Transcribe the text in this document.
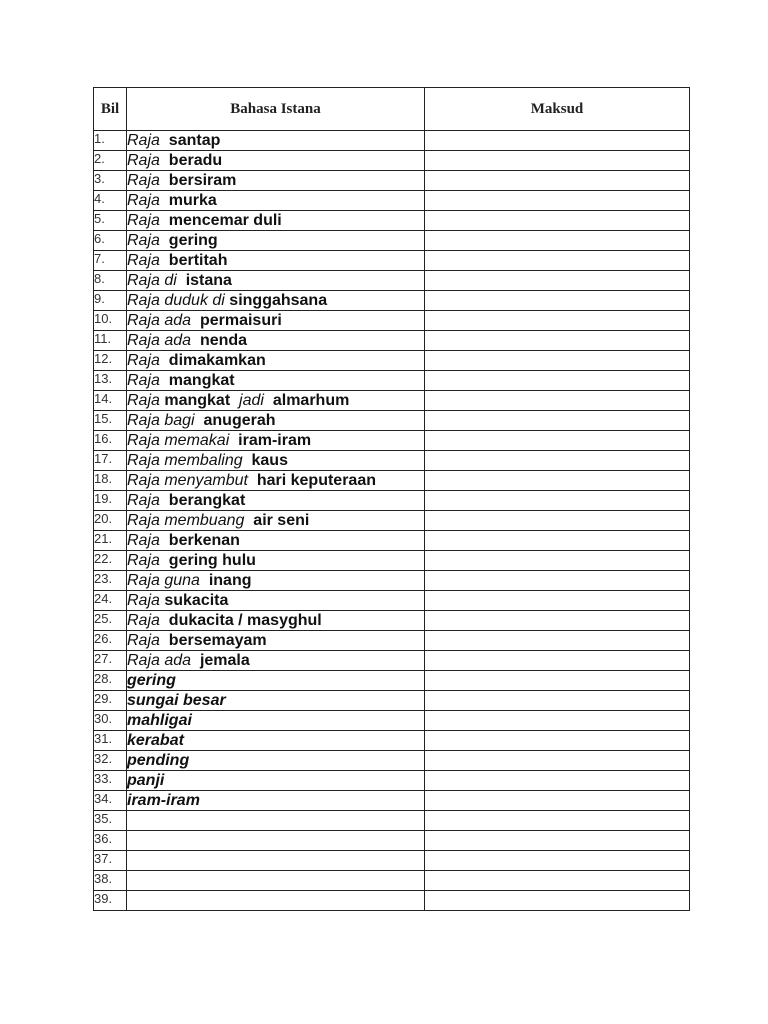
Bil	Bahasa Istana	Maksud
1.	Raja  santap	
2.	Raja  beradu	
3.	Raja  bersiram	
4.	Raja  murka	
5.	Raja  mencemar duli	
6.	Raja  gering	
7.	Raja  bertitah	
8.	Raja di  istana	
9.	Raja duduk di singgahsana	
10.	Raja ada  permaisuri	
11.	Raja ada  nenda	
12.	Raja  dimakamkan	
13.	Raja  mangkat	
14.	Raja mangkat  jadi  almarhum	
15.	Raja bagi  anugerah	
16.	Raja memakai  iram-iram	
17.	Raja membaling  kaus	
18.	Raja menyambut  hari keputeraan	
19.	Raja  berangkat	
20.	Raja membuang  air seni	
21.	Raja  berkenan	
22.	Raja  gering hulu	
23.	Raja guna  inang	
24.	Raja sukacita	
25.	Raja  dukacita / masyghul	
26.	Raja  bersemayam	
27.	Raja ada  jemala	
28.	gering	
29.	sungai besar	
30.	mahligai	
31.	kerabat	
32.	pending	
33.	panji	
34.	iram-iram	
35.		
36.		
37.		
38.		
39.		
